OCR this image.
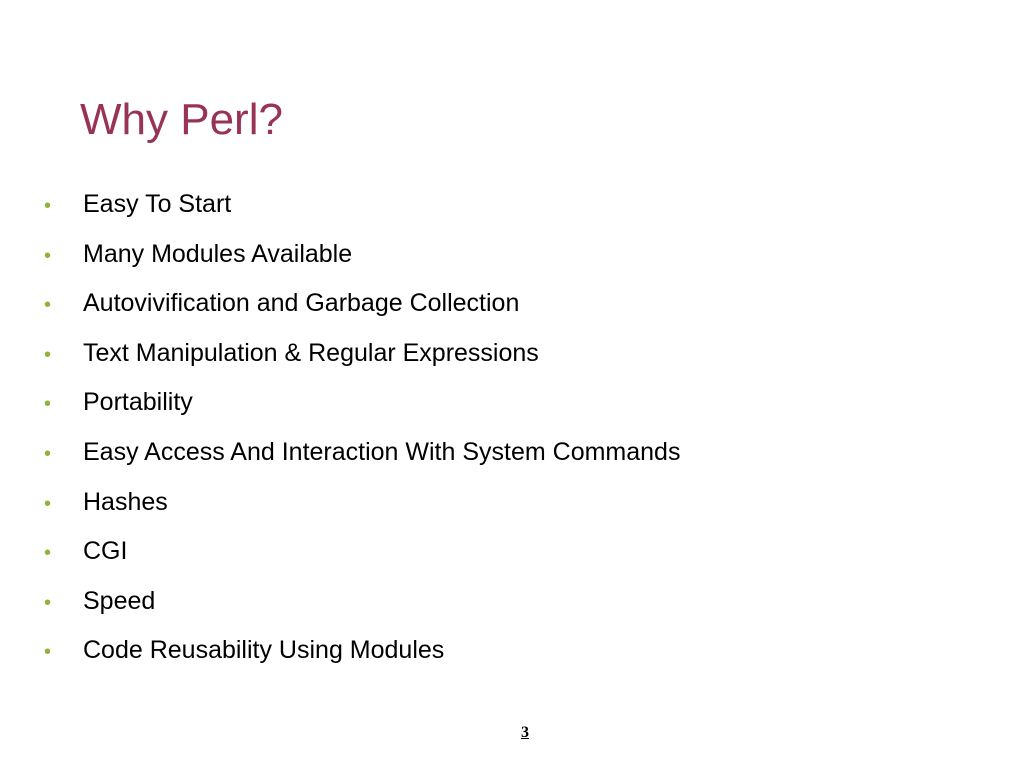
Why Perl?
•	Easy To Start
•	Many Modules Available
•	Autovivification and Garbage Collection
•	Text Manipulation & Regular Expressions
•	Portability
•	Easy Access And Interaction With System Commands
•	Hashes
•	CGI
•	Speed
•	Code Reusability Using Modules
3
